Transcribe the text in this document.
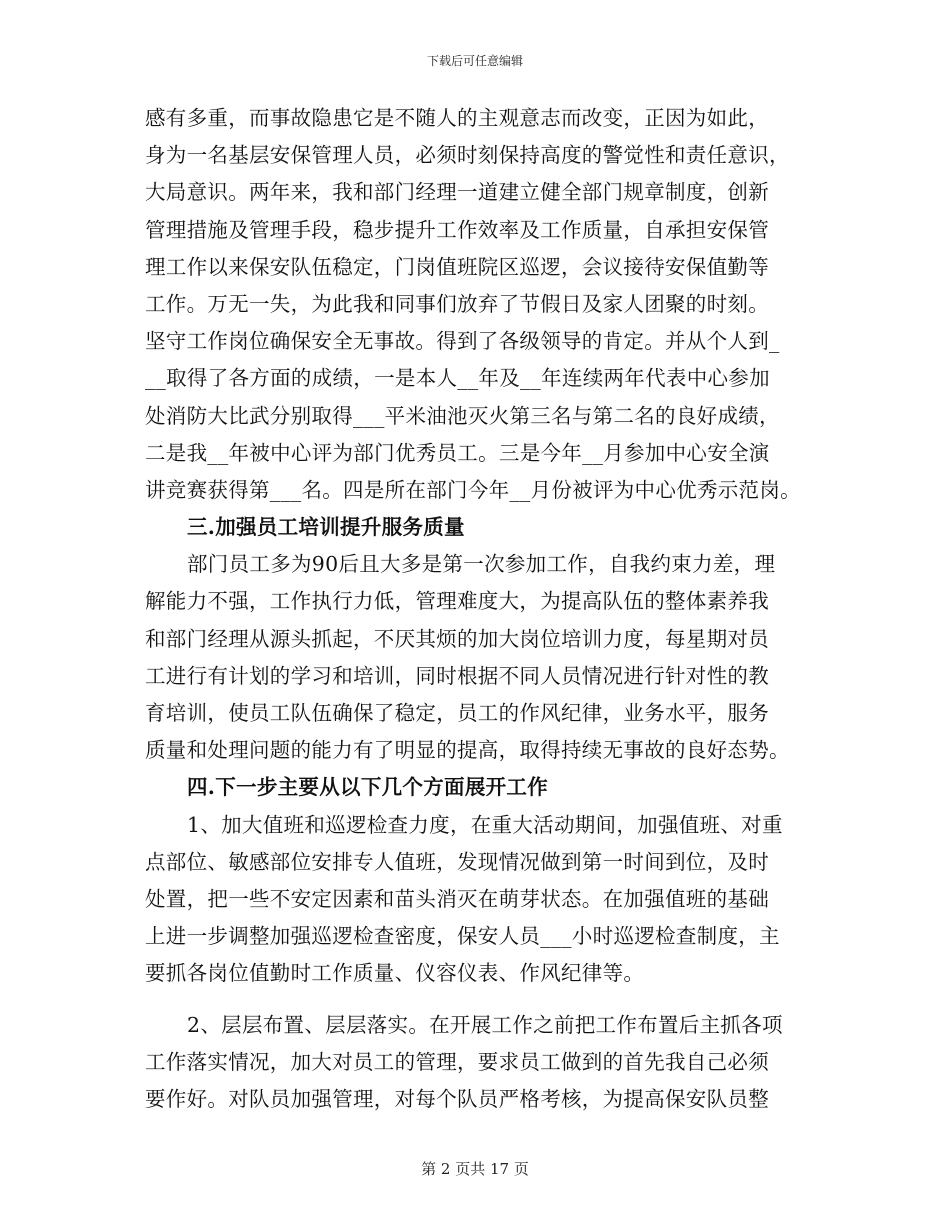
下载后可任意编辑
感有多重，而事故隐患它是不随人的主观意志而改变，正因为如此，
身为一名基层安保管理人员，必须时刻保持高度的警觉性和责任意识，
大局意识。两年来，我和部门经理一道建立健全部门规章制度，创新
管理措施及管理手段，稳步提升工作效率及工作质量，自承担安保管
理工作以来保安队伍稳定，门岗值班院区巡逻，会议接待安保值勤等
工作。万无一失，为此我和同事们放弃了节假日及家人团聚的时刻。
坚守工作岗位确保安全无事故。得到了各级领导的肯定。并从个人到_
__取得了各方面的成绩，一是本人__年及__年连续两年代表中心参加
处消防大比武分别取得___平米油池灭火第三名与第二名的良好成绩，
二是我__年被中心评为部门优秀员工。三是今年__月参加中心安全演
讲竞赛获得第___名。四是所在部门今年__月份被评为中心优秀示范岗。
三.加强员工培训提升服务质量
部门员工多为90后且大多是第一次参加工作，自我约束力差，理
解能力不强，工作执行力低，管理难度大，为提高队伍的整体素养我
和部门经理从源头抓起，不厌其烦的加大岗位培训力度，每星期对员
工进行有计划的学习和培训，同时根据不同人员情况进行针对性的教
育培训，使员工队伍确保了稳定，员工的作风纪律，业务水平，服务
质量和处理问题的能力有了明显的提高，取得持续无事故的良好态势。
四.下一步主要从以下几个方面展开工作
1、加大值班和巡逻检查力度，在重大活动期间，加强值班、对重
点部位、敏感部位安排专人值班，发现情况做到第一时间到位，及时
处置，把一些不安定因素和苗头消灭在萌芽状态。在加强值班的基础
上进一步调整加强巡逻检查密度，保安人员___小时巡逻检查制度，主
要抓各岗位值勤时工作质量、仪容仪表、作风纪律等。
2、层层布置、层层落实。在开展工作之前把工作布置后主抓各项
工作落实情况，加大对员工的管理，要求员工做到的首先我自己必须
要作好。对队员加强管理，对每个队员严格考核，为提高保安队员整
第 2 页共 17 页
